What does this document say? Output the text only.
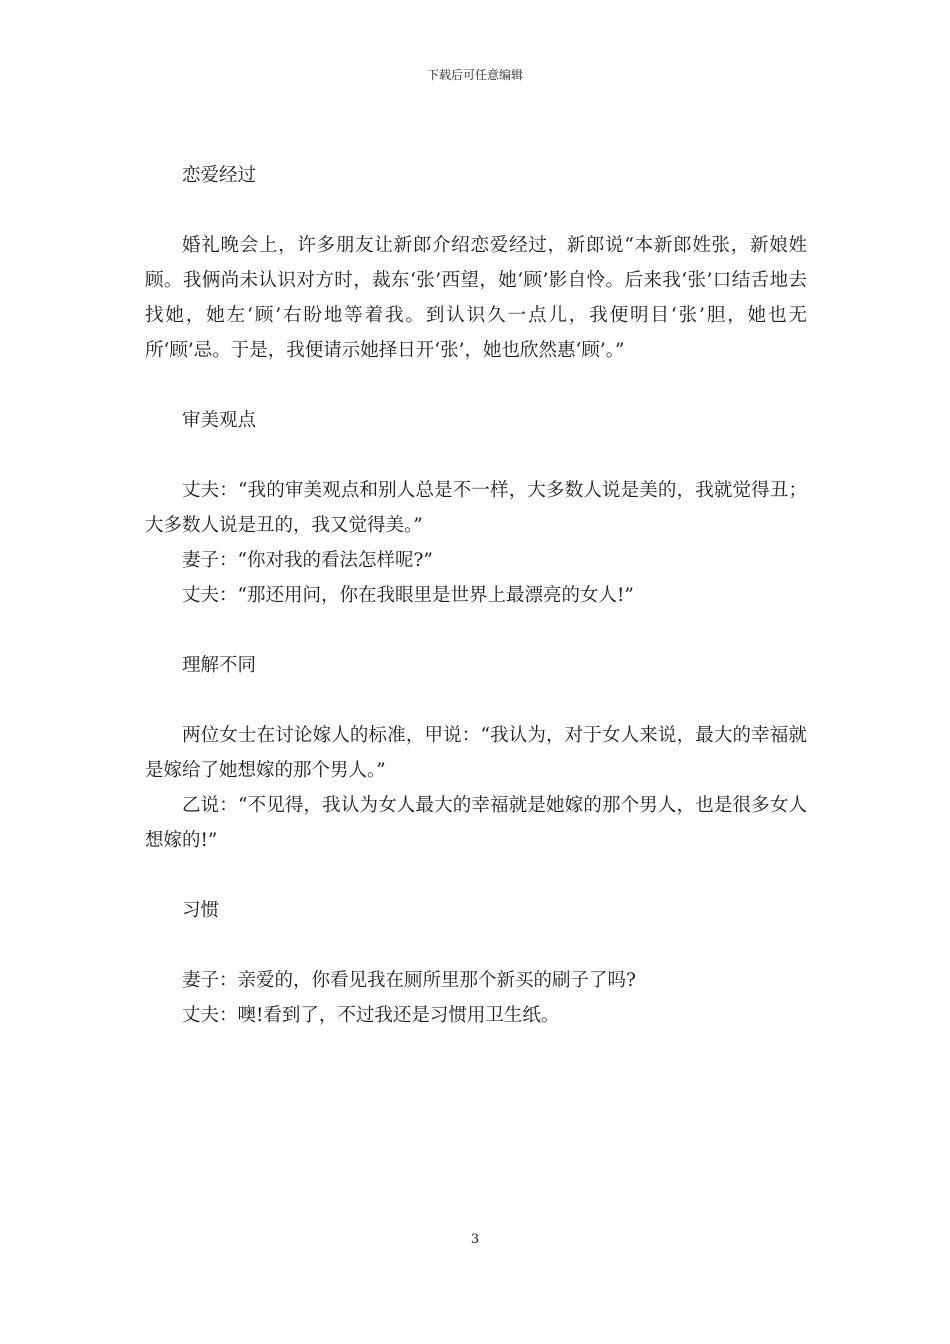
下载后可任意编辑

恋爱经过

婚礼晚会上，许多朋友让新郎介绍恋爱经过，新郎说“本新郎姓张，新娘姓顾。我俩尚未认识对方时，裁东‘张’西望，她‘顾’影自怜。后来我‘张’口结舌地去找她，她左‘顾’右盼地等着我。到认识久一点儿，我便明目‘张’胆，她也无所‘顾’忌。于是，我便请示她择日开‘张’，她也欣然惠‘顾’。”

审美观点

丈夫：“我的审美观点和别人总是不一样，大多数人说是美的，我就觉得丑；大多数人说是丑的，我又觉得美。”

妻子：“你对我的看法怎样呢?”

丈夫：“那还用问，你在我眼里是世界上最漂亮的女人!”

理解不同

两位女士在讨论嫁人的标准，甲说：“我认为，对于女人来说，最大的幸福就是嫁给了她想嫁的那个男人。”

乙说：“不见得，我认为女人最大的幸福就是她嫁的那个男人，也是很多女人想嫁的!”

习惯

妻子：亲爱的，你看见我在厕所里那个新买的刷子了吗?

丈夫：噢!看到了，不过我还是习惯用卫生纸。

3
